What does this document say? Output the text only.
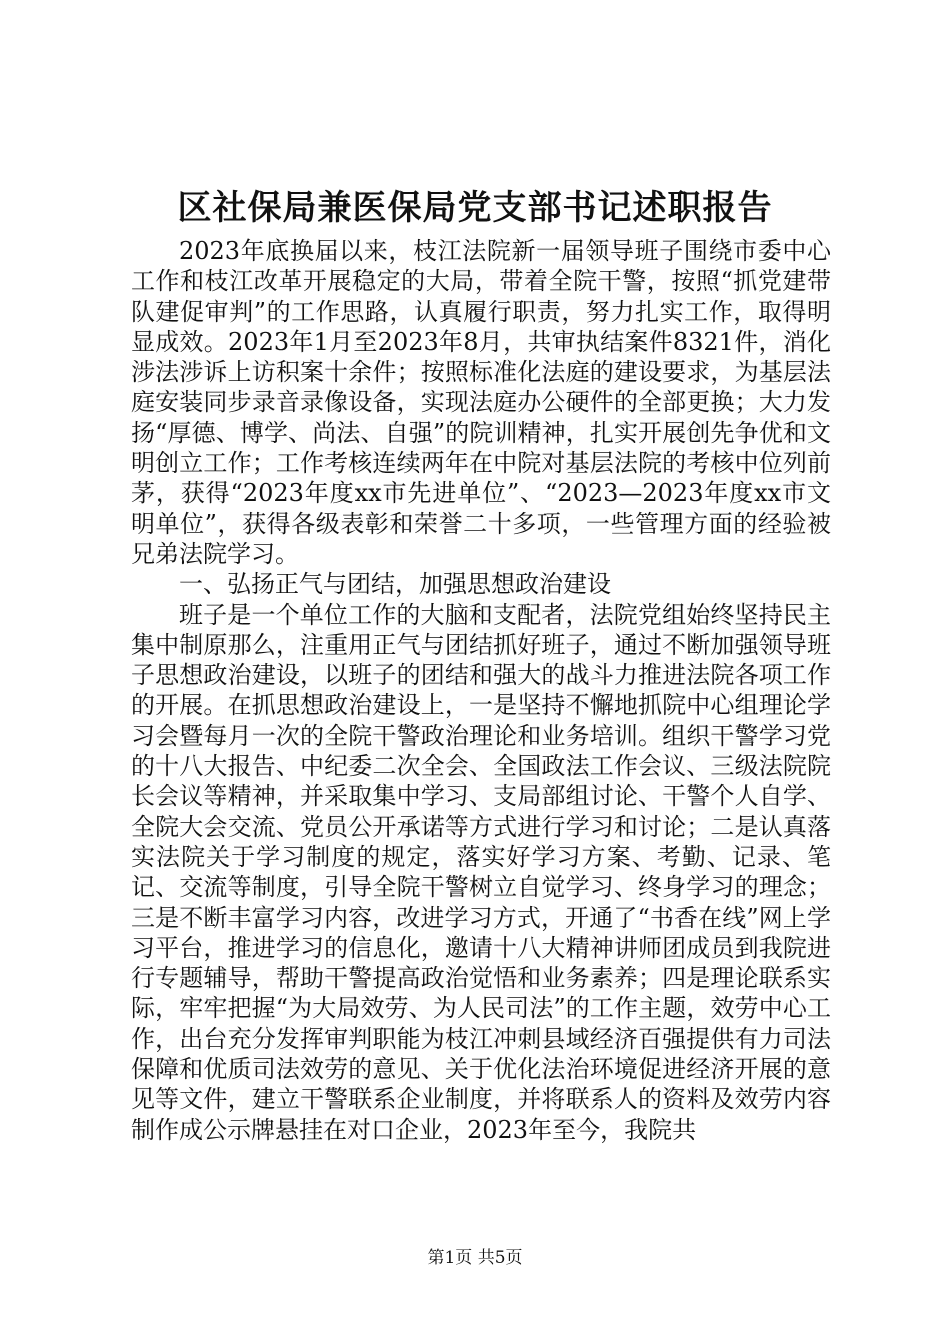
区社保局兼医保局党支部书记述职报告

2023年底换届以来，枝江法院新一届领导班子围绕市委中心工作和枝江改革开展稳定的大局，带着全院干警，按照“抓党建带队建促审判”的工作思路，认真履行职责，努力扎实工作，取得明显成效。2023年1月至2023年8月，共审执结案件8321件，消化涉法涉诉上访积案十余件；按照标准化法庭的建设要求，为基层法庭安装同步录音录像设备，实现法庭办公硬件的全部更换；大力发扬“厚德、博学、尚法、自强”的院训精神，扎实开展创先争优和文明创立工作；工作考核连续两年在中院对基层法院的考核中位列前茅，获得“2023年度xx市先进单位”、“2023—2023年度xx市文明单位”，获得各级表彰和荣誉二十多项，一些管理方面的经验被兄弟法院学习。

一、弘扬正气与团结，加强思想政治建设

班子是一个单位工作的大脑和支配者，法院党组始终坚持民主集中制原那么，注重用正气与团结抓好班子，通过不断加强领导班子思想政治建设，以班子的团结和强大的战斗力推进法院各项工作的开展。在抓思想政治建设上，一是坚持不懈地抓院中心组理论学习会暨每月一次的全院干警政治理论和业务培训。组织干警学习党的十八大报告、中纪委二次全会、全国政法工作会议、三级法院院长会议等精神，并采取集中学习、支局部组讨论、干警个人自学、全院大会交流、党员公开承诺等方式进行学习和讨论；二是认真落实法院关于学习制度的规定，落实好学习方案、考勤、记录、笔记、交流等制度，引导全院干警树立自觉学习、终身学习的理念；三是不断丰富学习内容，改进学习方式，开通了“书香在线”网上学习平台，推进学习的信息化，邀请十八大精神讲师团成员到我院进行专题辅导，帮助干警提高政治觉悟和业务素养；四是理论联系实际，牢牢把握“为大局效劳、为人民司法”的工作主题，效劳中心工作，出台充分发挥审判职能为枝江冲刺县域经济百强提供有力司法保障和优质司法效劳的意见、关于优化法治环境促进经济开展的意见等文件，建立干警联系企业制度，并将联系人的资料及效劳内容制作成公示牌悬挂在对口企业，2023年至今，我院共

第1页 共5页
